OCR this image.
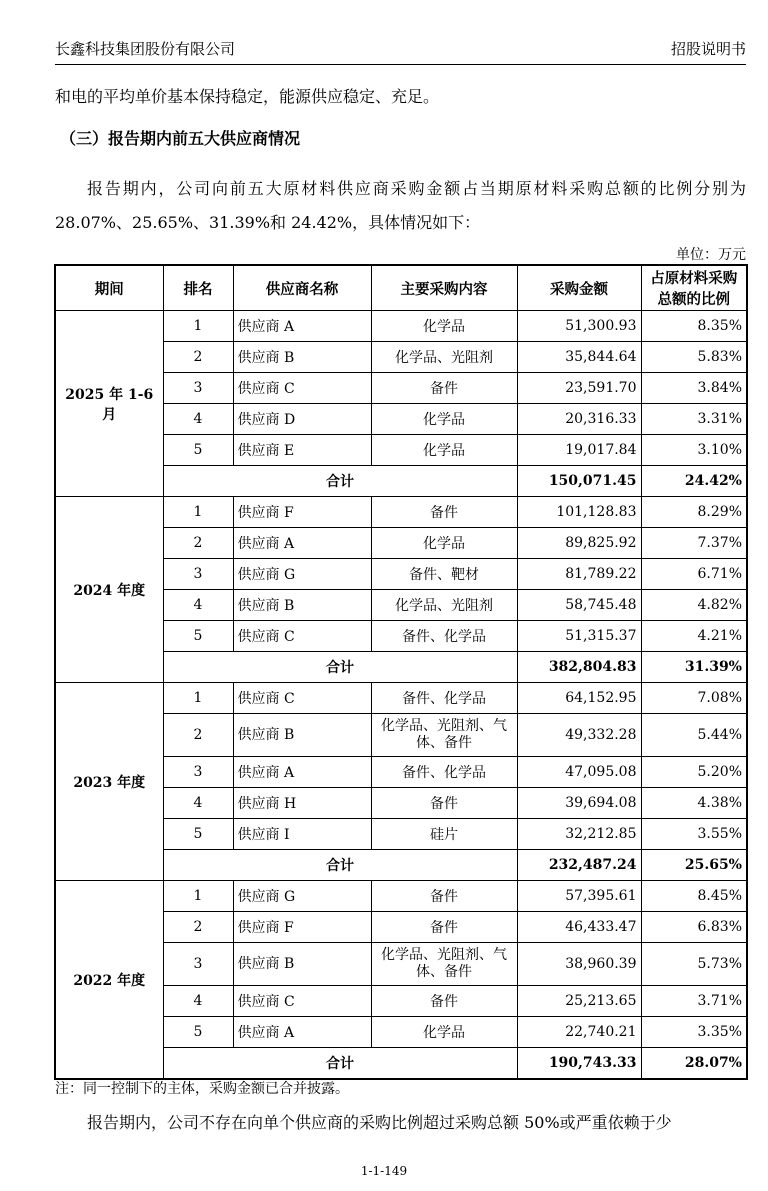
长鑫科技集团股份有限公司	招股说明书
和电的平均单价基本保持稳定，能源供应稳定、充足。
（三）报告期内前五大供应商情况
报告期内，公司向前五大原材料供应商采购金额占当期原材料采购总额的比例分别为 28.07%、25.65%、31.39%和 24.42%，具体情况如下：
单位：万元
期间	排名	供应商名称	主要采购内容	采购金额	占原材料采购总额的比例
2025 年 1-6 月	1	供应商 A	化学品	51,300.93	8.35%
	2	供应商 B	化学品、光阻剂	35,844.64	5.83%
	3	供应商 C	备件	23,591.70	3.84%
	4	供应商 D	化学品	20,316.33	3.31%
	5	供应商 E	化学品	19,017.84	3.10%
	合计			150,071.45	24.42%
2024 年度	1	供应商 F	备件	101,128.83	8.29%
	2	供应商 A	化学品	89,825.92	7.37%
	3	供应商 G	备件、靶材	81,789.22	6.71%
	4	供应商 B	化学品、光阻剂	58,745.48	4.82%
	5	供应商 C	备件、化学品	51,315.37	4.21%
	合计			382,804.83	31.39%
2023 年度	1	供应商 C	备件、化学品	64,152.95	7.08%
	2	供应商 B	化学品、光阻剂、气体、备件	49,332.28	5.44%
	3	供应商 A	备件、化学品	47,095.08	5.20%
	4	供应商 H	备件	39,694.08	4.38%
	5	供应商 I	硅片	32,212.85	3.55%
	合计			232,487.24	25.65%
2022 年度	1	供应商 G	备件	57,395.61	8.45%
	2	供应商 F	备件	46,433.47	6.83%
	3	供应商 B	化学品、光阻剂、气体、备件	38,960.39	5.73%
	4	供应商 C	备件	25,213.65	3.71%
	5	供应商 A	化学品	22,740.21	3.35%
	合计			190,743.33	28.07%
注：同一控制下的主体，采购金额已合并披露。
报告期内，公司不存在向单个供应商的采购比例超过采购总额 50%或严重依赖于少
1-1-149
